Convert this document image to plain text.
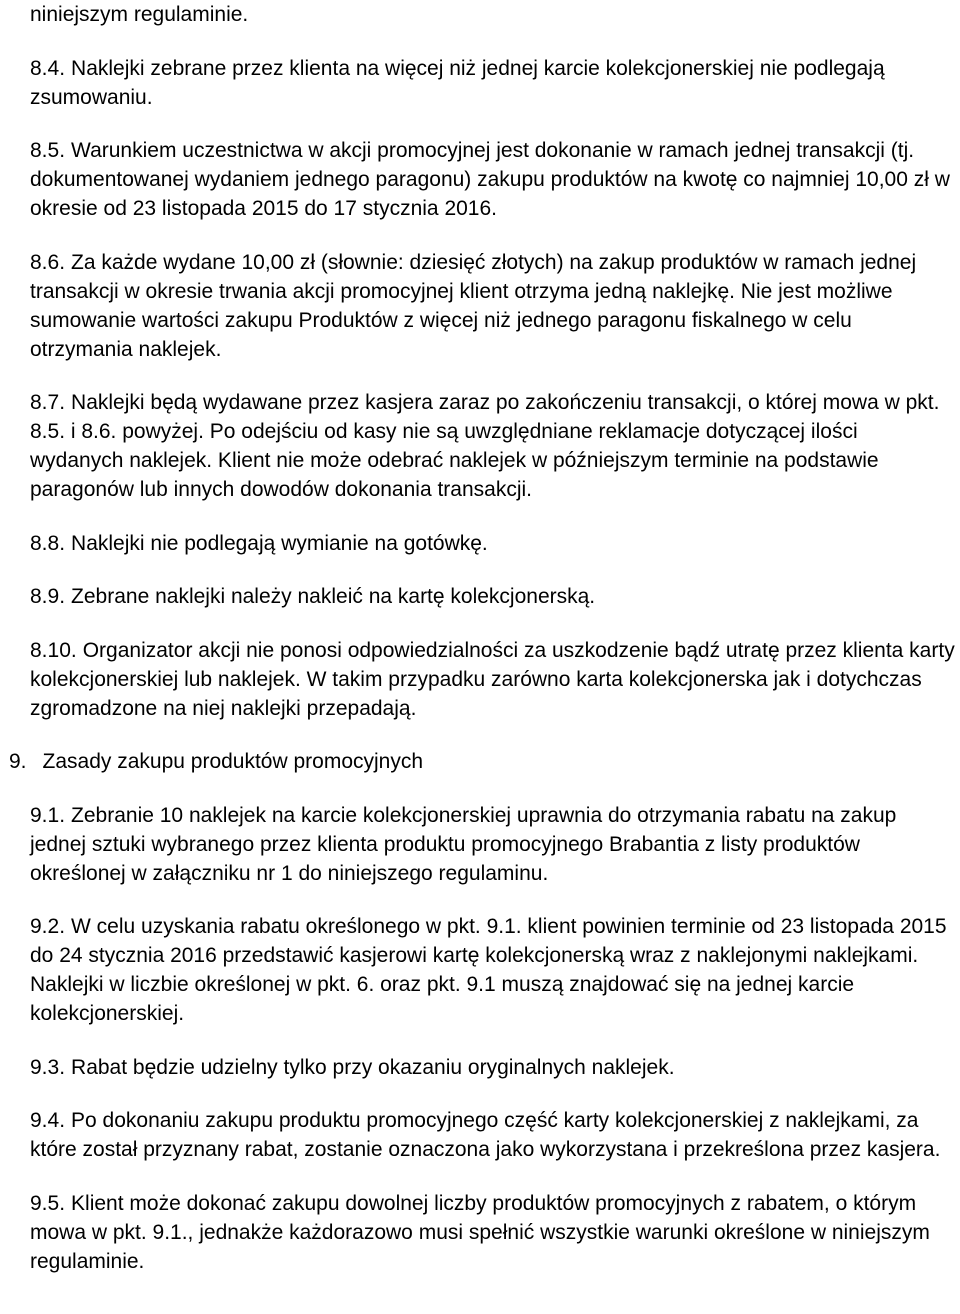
niniejszym regulaminie.

8.4. Naklejki zebrane przez klienta na więcej niż jednej karcie kolekcjonerskiej nie podlegają zsumowaniu.

8.5. Warunkiem uczestnictwa w akcji promocyjnej jest dokonanie w ramach jednej transakcji (tj. dokumentowanej wydaniem jednego paragonu) zakupu produktów na kwotę co najmniej 10,00 zł w okresie od 23 listopada 2015 do 17 stycznia 2016.

8.6. Za każde wydane 10,00 zł (słownie: dziesięć złotych) na zakup produktów w ramach jednej transakcji w okresie trwania akcji promocyjnej klient otrzyma jedną naklejkę. Nie jest możliwe sumowanie wartości zakupu Produktów z więcej niż jednego paragonu fiskalnego w celu otrzymania naklejek.

8.7. Naklejki będą wydawane przez kasjera zaraz po zakończeniu transakcji, o której mowa w pkt. 8.5. i 8.6. powyżej. Po odejściu od kasy nie są uwzględniane reklamacje dotyczącej ilości wydanych naklejek. Klient nie może odebrać naklejek w późniejszym terminie na podstawie paragonów lub innych dowodów dokonania transakcji.

8.8. Naklejki nie podlegają wymianie na gotówkę.

8.9. Zebrane naklejki należy nakleić na kartę kolekcjonerską.

8.10. Organizator akcji nie ponosi odpowiedzialności za uszkodzenie bądź utratę przez klienta karty kolekcjonerskiej lub naklejek. W takim przypadku zarówno karta kolekcjonerska jak i dotychczas zgromadzone na niej naklejki przepadają.

9. Zasady zakupu produktów promocyjnych

9.1. Zebranie 10 naklejek na karcie kolekcjonerskiej uprawnia do otrzymania rabatu na zakup jednej sztuki wybranego przez klienta produktu promocyjnego Brabantia z listy produktów określonej w załączniku nr 1 do niniejszego regulaminu.

9.2. W celu uzyskania rabatu określonego w pkt. 9.1. klient powinien terminie od 23 listopada 2015 do 24 stycznia 2016 przedstawić kasjerowi kartę kolekcjonerską wraz z naklejonymi naklejkami. Naklejki w liczbie określonej w pkt. 6. oraz pkt. 9.1 muszą znajdować się na jednej karcie kolekcjonerskiej.

9.3. Rabat będzie udzielny tylko przy okazaniu oryginalnych naklejek.

9.4. Po dokonaniu zakupu produktu promocyjnego część karty kolekcjonerskiej z naklejkami, za które został przyznany rabat, zostanie oznaczona jako wykorzystana i przekreślona przez kasjera.

9.5. Klient może dokonać zakupu dowolnej liczby produktów promocyjnych z rabatem, o którym mowa w pkt. 9.1., jednakże każdorazowo musi spełnić wszystkie warunki określone w niniejszym regulaminie.
